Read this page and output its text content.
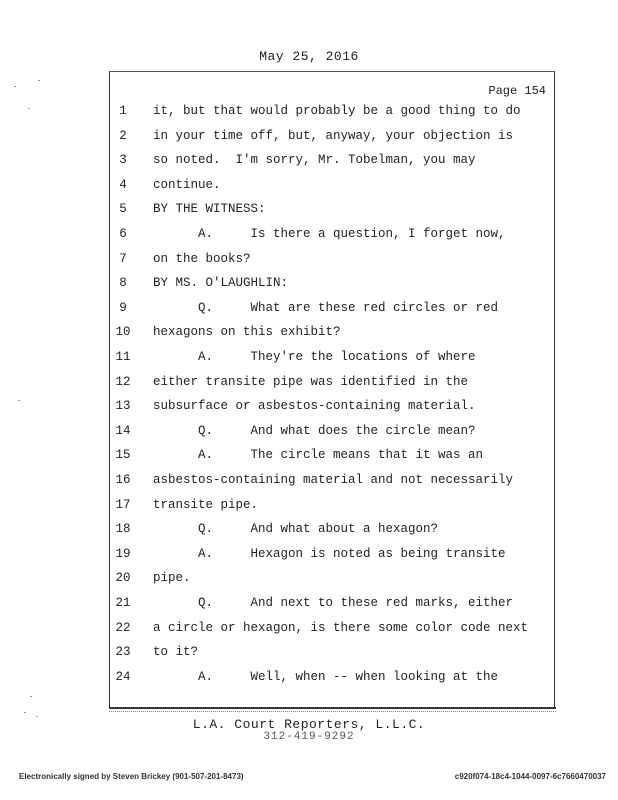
May 25, 2016
Page 154
1	it, but that would probably be a good thing to do
2	in your time off, but, anyway, your objection is
3	so noted.  I'm sorry, Mr. Tobelman, you may
4	continue.
5	BY THE WITNESS:
6	A.     Is there a question, I forget now,
7	on the books?
8	BY MS. O'LAUGHLIN:
9	Q.     What are these red circles or red
10	hexagons on this exhibit?
11	A.     They're the locations of where
12	either transite pipe was identified in the
13	subsurface or asbestos-containing material.
14	Q.     And what does the circle mean?
15	A.     The circle means that it was an
16	asbestos-containing material and not necessarily
17	transite pipe.
18	Q.     And what about a hexagon?
19	A.     Hexagon is noted as being transite
20	pipe.
21	Q.     And next to these red marks, either
22	a circle or hexagon, is there some color code next
23	to it?
24	A.     Well, when -- when looking at the
L.A. Court Reporters, L.L.C.
312-419-9292
Electronically signed by Steven Brickey (901-507-201-8473)	c920f074-18c4-1044-0097-6c7660470037
